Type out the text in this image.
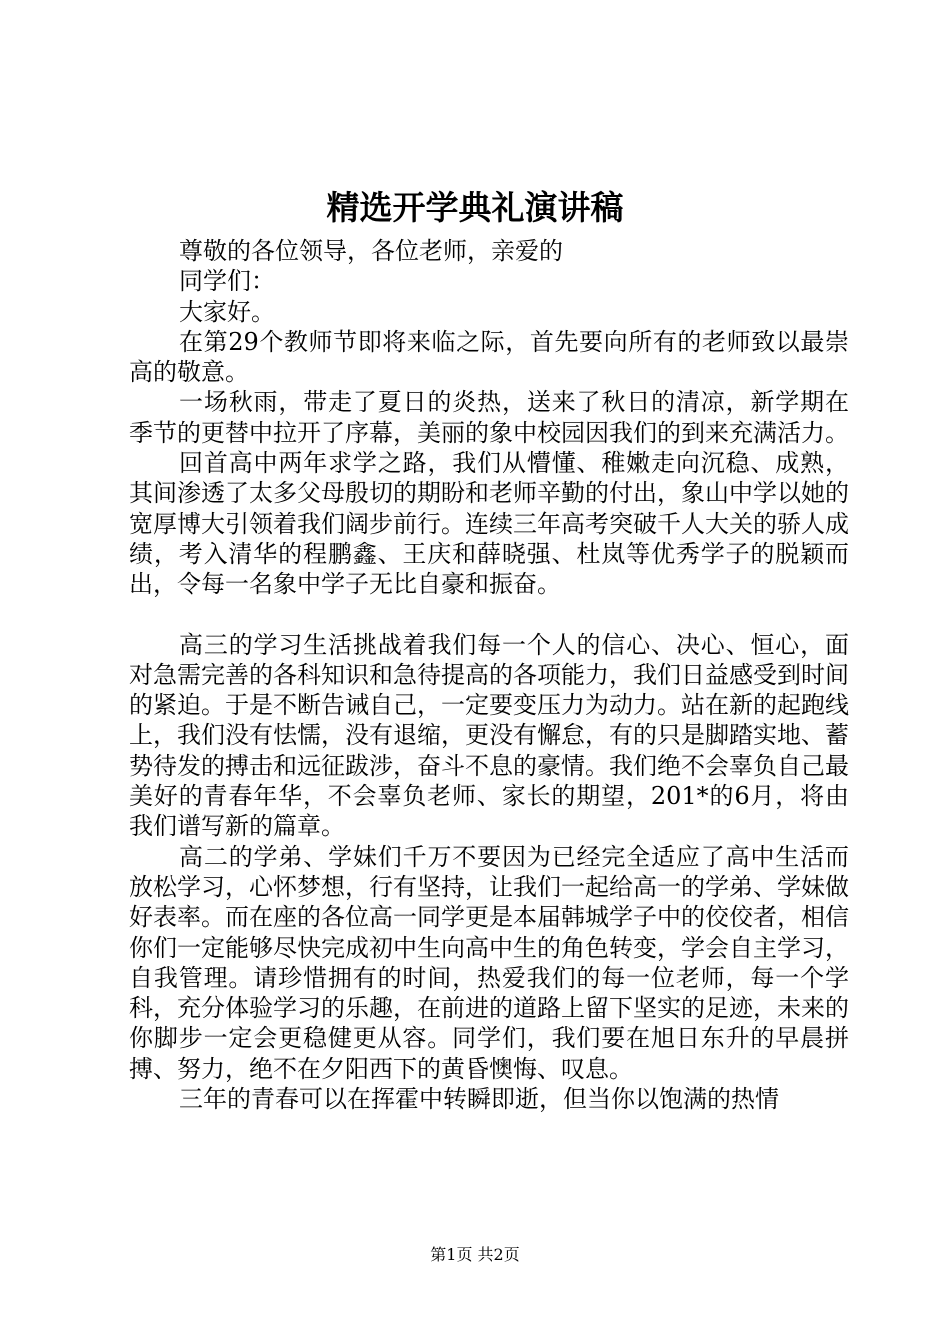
精选开学典礼演讲稿

尊敬的各位领导，各位老师，亲爱的

同学们：

大家好。

在第29个教师节即将来临之际，首先要向所有的老师致以最崇高的敬意。

一场秋雨，带走了夏日的炎热，送来了秋日的清凉，新学期在季节的更替中拉开了序幕，美丽的象中校园因我们的到来充满活力。

回首高中两年求学之路，我们从懵懂、稚嫩走向沉稳、成熟，其间渗透了太多父母殷切的期盼和老师辛勤的付出，象山中学以她的宽厚博大引领着我们阔步前行。连续三年高考突破千人大关的骄人成绩，考入清华的程鹏鑫、王庆和薛晓强、杜岚等优秀学子的脱颖而出，令每一名象中学子无比自豪和振奋。

高三的学习生活挑战着我们每一个人的信心、决心、恒心，面对急需完善的各科知识和急待提高的各项能力，我们日益感受到时间的紧迫。于是不断告诫自己，一定要变压力为动力。站在新的起跑线上，我们没有怯懦，没有退缩，更没有懈怠，有的只是脚踏实地、蓄势待发的搏击和远征跋涉，奋斗不息的豪情。我们绝不会辜负自己最美好的青春年华，不会辜负老师、家长的期望，201*的6月，将由我们谱写新的篇章。

高二的学弟、学妹们千万不要因为已经完全适应了高中生活而放松学习，心怀梦想，行有坚持，让我们一起给高一的学弟、学妹做好表率。而在座的各位高一同学更是本届韩城学子中的佼佼者，相信你们一定能够尽快完成初中生向高中生的角色转变，学会自主学习，自我管理。请珍惜拥有的时间，热爱我们的每一位老师，每一个学科，充分体验学习的乐趣，在前进的道路上留下坚实的足迹，未来的你脚步一定会更稳健更从容。同学们，我们要在旭日东升的早晨拼搏、努力，绝不在夕阳西下的黄昏懊悔、叹息。

三年的青春可以在挥霍中转瞬即逝，但当你以饱满的热情

第1页 共2页
